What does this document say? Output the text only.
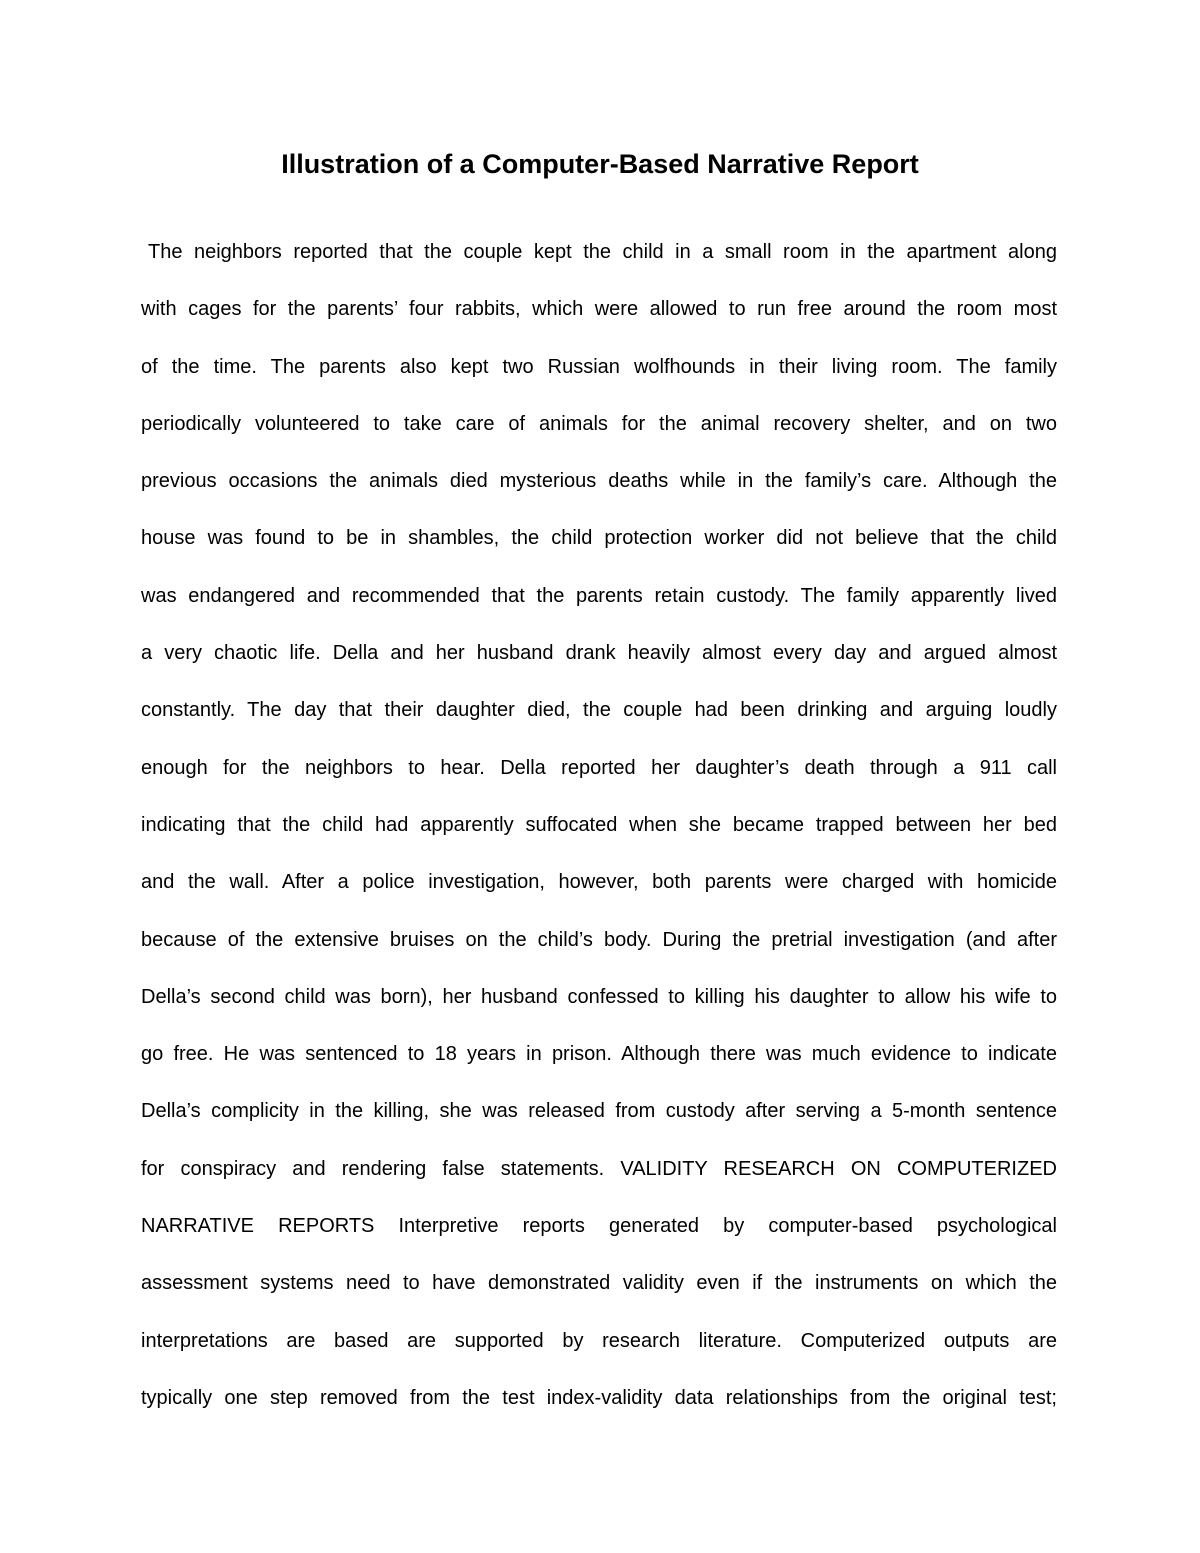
Illustration of a Computer-Based Narrative Report
The neighbors reported that the couple kept the child in a small room in the apartment along
with cages for the parents’ four rabbits, which were allowed to run free around the room most
of the time. The parents also kept two Russian wolfhounds in their living room. The family
periodically volunteered to take care of animals for the animal recovery shelter, and on two
previous occasions the animals died mysterious deaths while in the family’s care. Although the
house was found to be in shambles, the child protection worker did not believe that the child
was endangered and recommended that the parents retain custody. The family apparently lived
a very chaotic life. Della and her husband drank heavily almost every day and argued almost
constantly. The day that their daughter died, the couple had been drinking and arguing loudly
enough for the neighbors to hear. Della reported her daughter’s death through a 911 call
indicating that the child had apparently suffocated when she became trapped between her bed
and the wall. After a police investigation, however, both parents were charged with homicide
because of the extensive bruises on the child’s body. During the pretrial investigation (and after
Della’s second child was born), her husband confessed to killing his daughter to allow his wife to
go free. He was sentenced to 18 years in prison. Although there was much evidence to indicate
Della’s complicity in the killing, she was released from custody after serving a 5-month sentence
for conspiracy and rendering false statements. VALIDITY RESEARCH ON COMPUTERIZED
NARRATIVE REPORTS Interpretive reports generated by computer-based psychological
assessment systems need to have demonstrated validity even if the instruments on which the
interpretations are based are supported by research literature. Computerized outputs are
typically one step removed from the test index-validity data relationships from the original test;
